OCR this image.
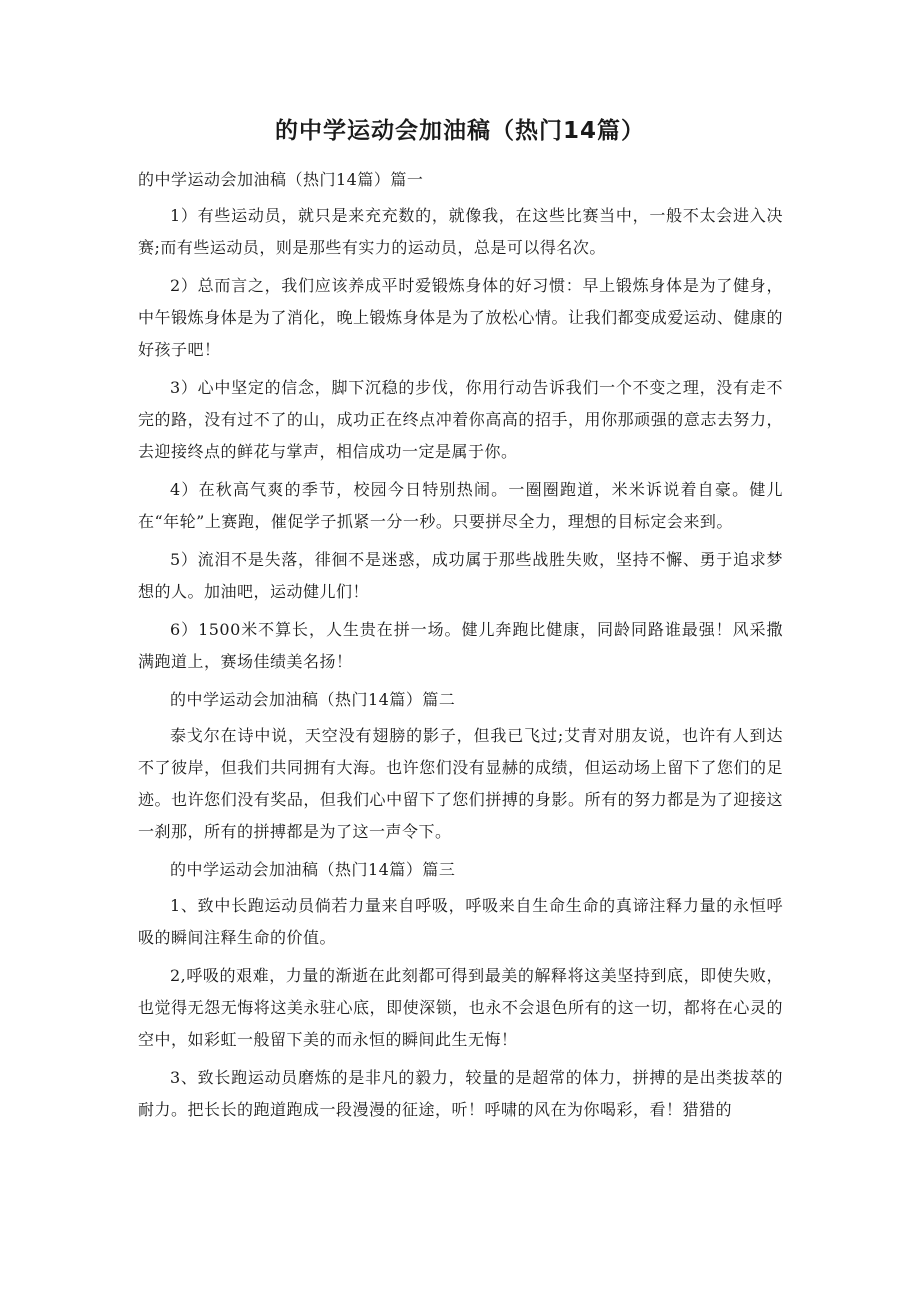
的中学运动会加油稿（热门14篇）

的中学运动会加油稿（热门14篇）篇一

1）有些运动员，就只是来充充数的，就像我，在这些比赛当中，一般不太会进入决赛;而有些运动员，则是那些有实力的运动员，总是可以得名次。

2）总而言之，我们应该养成平时爱锻炼身体的好习惯：早上锻炼身体是为了健身，中午锻炼身体是为了消化，晚上锻炼身体是为了放松心情。让我们都变成爱运动、健康的好孩子吧！

3）心中坚定的信念，脚下沉稳的步伐，你用行动告诉我们一个不变之理，没有走不完的路，没有过不了的山，成功正在终点冲着你高高的招手，用你那顽强的意志去努力，去迎接终点的鲜花与掌声，相信成功一定是属于你。

4）在秋高气爽的季节，校园今日特别热闹。一圈圈跑道，米米诉说着自豪。健儿在“年轮”上赛跑，催促学子抓紧一分一秒。只要拼尽全力，理想的目标定会来到。

5）流泪不是失落，徘徊不是迷惑，成功属于那些战胜失败，坚持不懈、勇于追求梦想的人。加油吧，运动健儿们！

6）1500米不算长，人生贵在拼一场。健儿奔跑比健康，同龄同路谁最强！风采撒满跑道上，赛场佳绩美名扬！

的中学运动会加油稿（热门14篇）篇二

泰戈尔在诗中说，天空没有翅膀的影子，但我已飞过;艾青对朋友说，也许有人到达不了彼岸，但我们共同拥有大海。也许您们没有显赫的成绩，但运动场上留下了您们的足迹。也许您们没有奖品，但我们心中留下了您们拼搏的身影。所有的努力都是为了迎接这一刹那，所有的拼搏都是为了这一声令下。

的中学运动会加油稿（热门14篇）篇三

1、致中长跑运动员倘若力量来自呼吸，呼吸来自生命生命的真谛注释力量的永恒呼吸的瞬间注释生命的价值。

2,呼吸的艰难，力量的渐逝在此刻都可得到最美的解释将这美坚持到底，即使失败，也觉得无怨无悔将这美永驻心底，即使深锁，也永不会退色所有的这一切，都将在心灵的空中，如彩虹一般留下美的而永恒的瞬间此生无悔！

3、致长跑运动员磨炼的是非凡的毅力，较量的是超常的体力，拼搏的是出类拔萃的耐力。把长长的跑道跑成一段漫漫的征途，听！呼啸的风在为你喝彩，看！猎猎的
